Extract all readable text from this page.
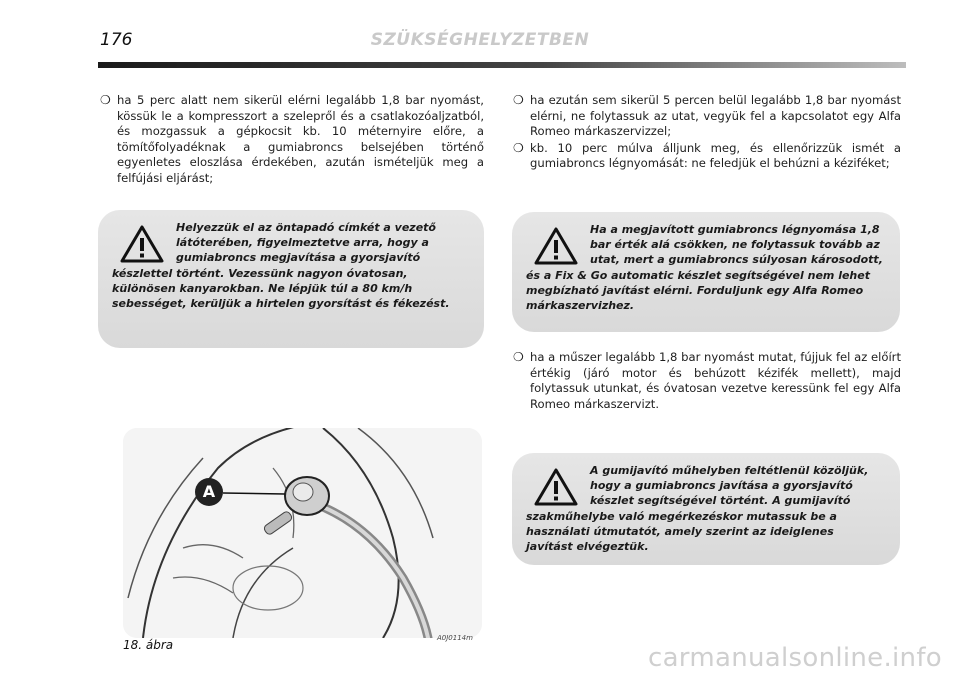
176	SZÜKSÉGHELYZETBEN
❍ ha 5 perc alatt nem sikerül elérni legalább 1,8 bar nyomást, kössük le a kompresszort a szelepről és a csatlakozóaljzatból, és mozgassuk a gépkocsit kb. 10 méternyire előre, a tömítőfolyadéknak a gumiabroncs belsejében történő egyenletes eloszlása érdekében, azután ismételjük meg a felfújási eljárást;
Helyezzük el az öntapadó címkét a vezető látóterében, figyelmeztetve arra, hogy a gumiabroncs megjavítása a gyorsjavító készlettel történt. Vezessünk nagyon óvatosan, különösen kanyarokban. Ne lépjük túl a 80 km/h sebességet, kerüljük a hirtelen gyorsítást és fékezést.
A
18. ábra	A0J0114m
❍ ha ezután sem sikerül 5 percen belül legalább 1,8 bar nyomást elérni, ne folytassuk az utat, vegyük fel a kapcsolatot egy Alfa Romeo márkaszervizzel;
❍ kb. 10 perc múlva álljunk meg, és ellenőrizzük ismét a gumiabroncs légnyomását: ne feledjük el behúzni a kéziféket;
Ha a megjavított gumiabroncs légnyomása 1,8 bar érték alá csökken, ne folytassuk tovább az utat, mert a gumiabroncs súlyosan károsodott, és a Fix & Go automatic készlet segítségével nem lehet megbízható javítást elérni. Forduljunk egy Alfa Romeo márkaszervizhez.
❍ ha a műszer legalább 1,8 bar nyomást mutat, fújjuk fel az előírt értékig (járó motor és behúzott kézifék mellett), majd folytassuk utunkat, és óvatosan vezetve keressünk fel egy Alfa Romeo márkaszervizt.
A gumijavító műhelyben feltétlenül közöljük, hogy a gumiabroncs javítása a gyorsjavító készlet segítségével történt. A gumijavító szakműhelybe való megérkezéskor mutassuk be a használati útmutatót, amely szerint az ideiglenes javítást elvégeztük.
carmanualsonline.info
